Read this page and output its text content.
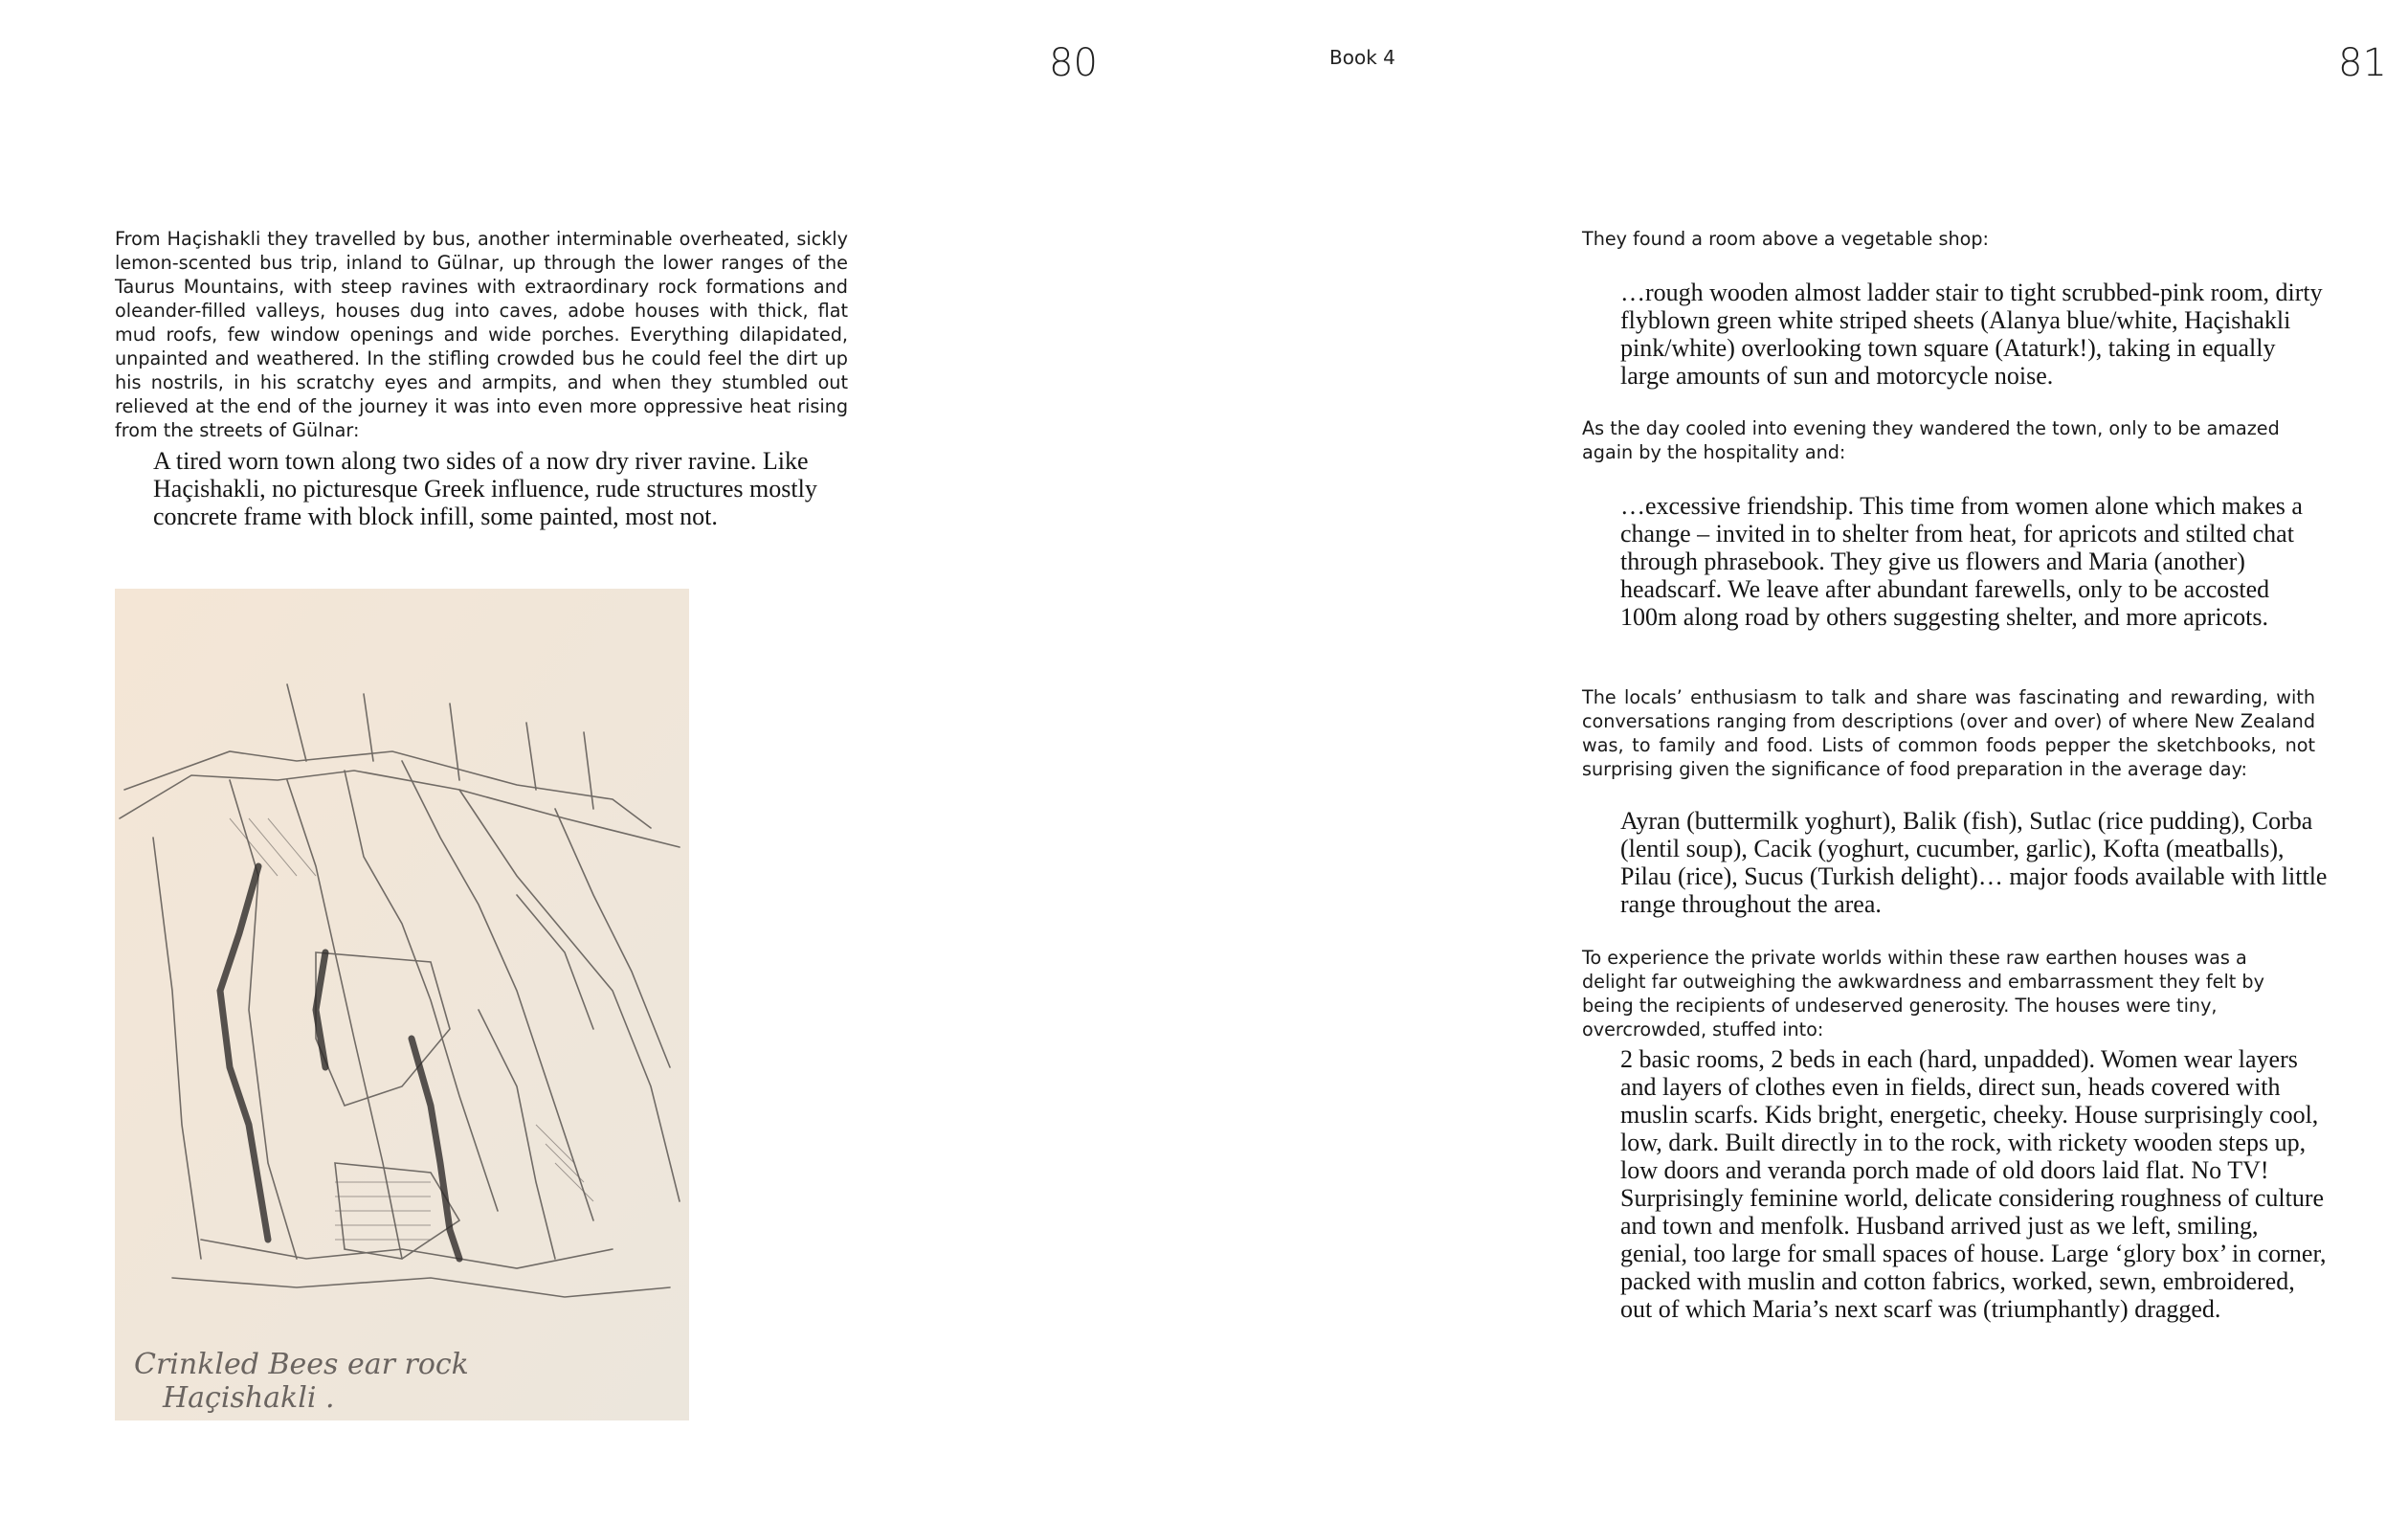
80	Book 4	81

From Haçishakli they travelled by bus, another interminable overheated, sickly lemon-scented bus trip, inland to Gülnar, up through the lower ranges of the Taurus Mountains, with steep ravines with extraordinary rock formations and oleander-filled valleys, houses dug into caves, adobe houses with thick, flat mud roofs, few window openings and wide porches. Everything dilapidated, unpainted and weathered. In the stifling crowded bus he could feel the dirt up his nostrils, in his scratchy eyes and armpits, and when they stumbled out relieved at the end of the journey it was into even more oppressive heat rising from the streets of Gülnar:

A tired worn town along two sides of a now dry river ravine. Like Haçishakli, no picturesque Greek influence, rude structures mostly concrete frame with block infill, some painted, most not.

Crinkled Bees ear rock
Haçishakli .

They found a room above a vegetable shop:

…rough wooden almost ladder stair to tight scrubbed-pink room, dirty flyblown green white striped sheets (Alanya blue/white, Haçishakli pink/white) overlooking town square (Ataturk!), taking in equally large amounts of sun and motorcycle noise.

As the day cooled into evening they wandered the town, only to be amazed again by the hospitality and:

…excessive friendship. This time from women alone which makes a change – invited in to shelter from heat, for apricots and stilted chat through phrasebook. They give us flowers and Maria (another) headscarf. We leave after abundant farewells, only to be accosted 100m along road by others suggesting shelter, and more apricots.

The locals’ enthusiasm to talk and share was fascinating and rewarding, with conversations ranging from descriptions (over and over) of where New Zealand was, to family and food. Lists of common foods pepper the sketchbooks, not surprising given the significance of food preparation in the average day:

Ayran (buttermilk yoghurt), Balik (fish), Sutlac (rice pudding), Corba (lentil soup), Cacik (yoghurt, cucumber, garlic), Kofta (meatballs), Pilau (rice), Sucus (Turkish delight)… major foods available with little range throughout the area.

To experience the private worlds within these raw earthen houses was a delight far outweighing the awkwardness and embarrassment they felt by being the recipients of undeserved generosity. The houses were tiny, overcrowded, stuffed into:

2 basic rooms, 2 beds in each (hard, unpadded). Women wear layers and layers of clothes even in fields, direct sun, heads covered with muslin scarfs. Kids bright, energetic, cheeky. House surprisingly cool, low, dark. Built directly in to the rock, with rickety wooden steps up, low doors and veranda porch made of old doors laid flat. No TV! Surprisingly feminine world, delicate considering roughness of culture and town and menfolk. Husband arrived just as we left, smiling, genial, too large for small spaces of house. Large ‘glory box’ in corner, packed with muslin and cotton fabrics, worked, sewn, embroidered, out of which Maria’s next scarf was (triumphantly) dragged.
